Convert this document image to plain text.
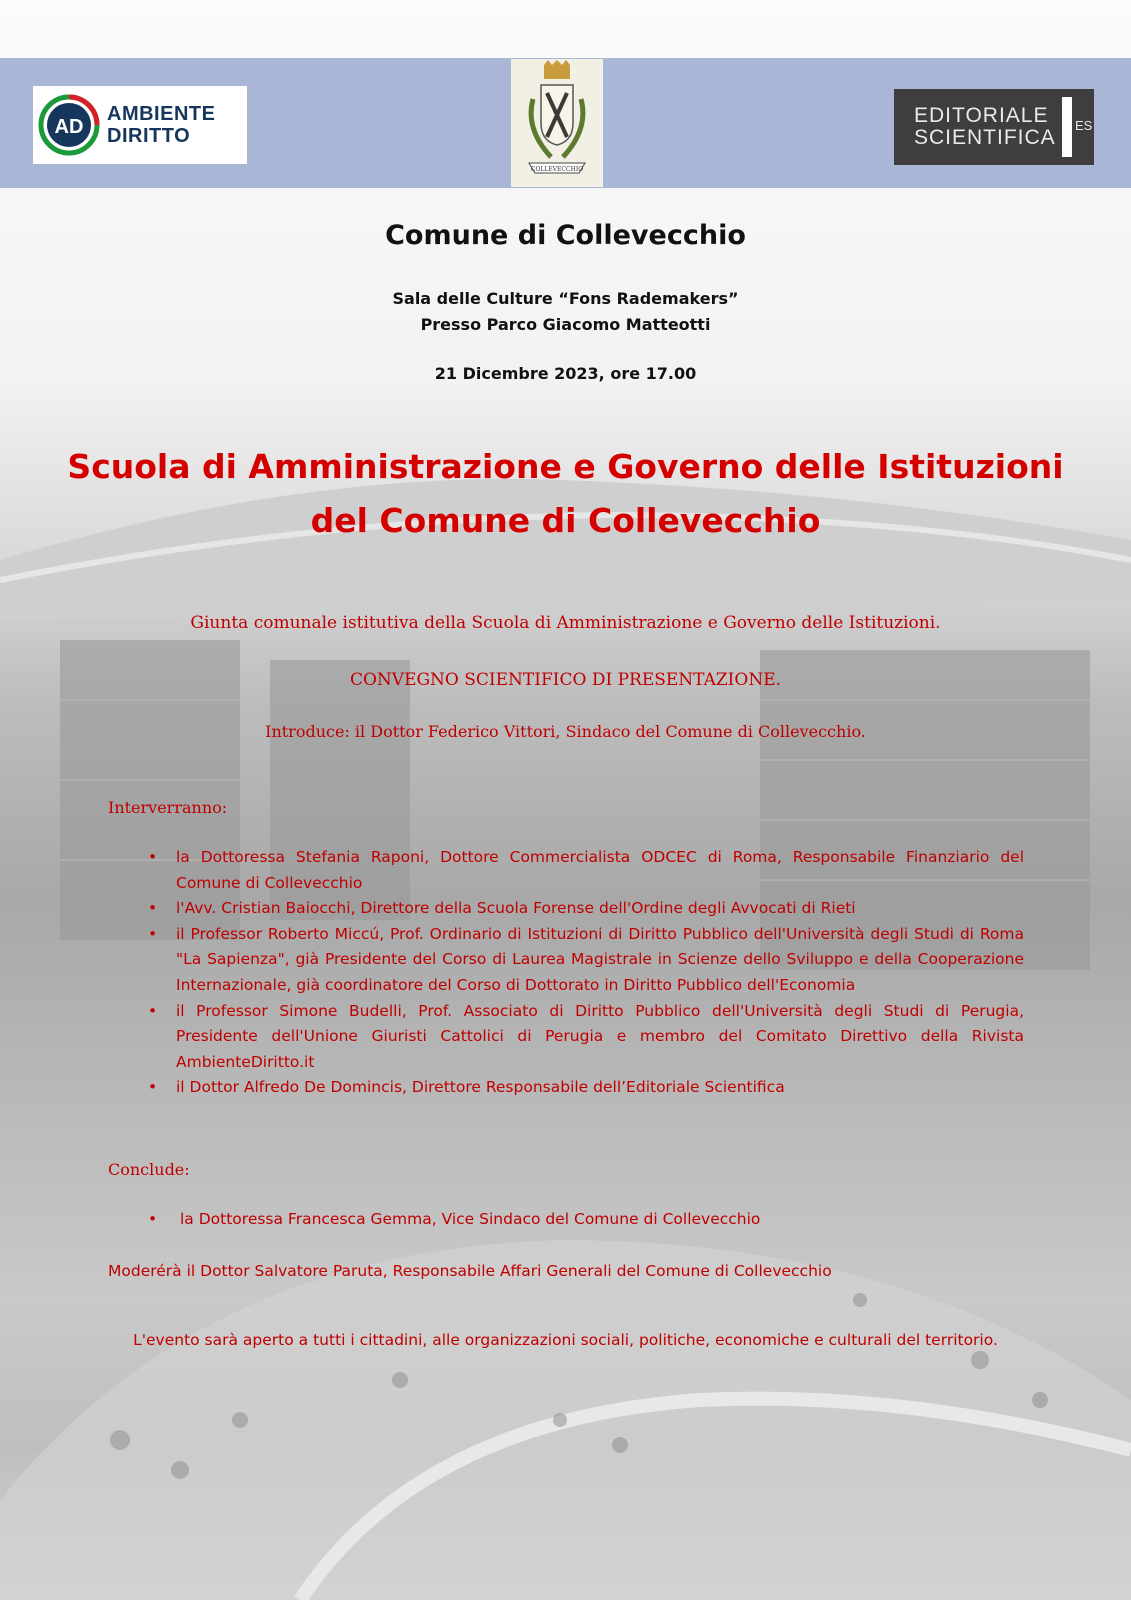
AD
AMBIENTE
DIRITTO
COLLEVECCHIO
EDITORIALE
SCIENTIFICA
ES
Comune di Collevecchio
Sala delle Culture “Fons Rademakers”
Presso Parco Giacomo Matteotti
21 Dicembre 2023, ore 17.00
Scuola di Amministrazione e Governo delle Istituzioni
del Comune di Collevecchio
Giunta comunale istitutiva della Scuola di Amministrazione e Governo delle Istituzioni.
CONVEGNO SCIENTIFICO DI PRESENTAZIONE.
Introduce: il Dottor Federico Vittori, Sindaco del Comune di Collevecchio.
Interverranno:
• la Dottoressa Stefania Raponi, Dottore Commercialista ODCEC di Roma, Responsabile Finanziario del Comune di Collevecchio
• l'Avv. Cristian Baiocchi, Direttore della Scuola Forense dell'Ordine degli Avvocati di Rieti
• il Professor Roberto Miccú, Prof. Ordinario di Istituzioni di Diritto Pubblico dell'Università degli Studi di Roma "La Sapienza", già Presidente del Corso di Laurea Magistrale in Scienze dello Sviluppo e della Cooperazione Internazionale, già coordinatore del Corso di Dottorato in Diritto Pubblico dell'Economia
• il Professor Simone Budelli, Prof. Associato di Diritto Pubblico dell'Università degli Studi di Perugia, Presidente dell'Unione Giuristi Cattolici di Perugia e membro del Comitato Direttivo della Rivista AmbienteDiritto.it
• il Dottor Alfredo De Domincis, Direttore Responsabile dell’Editoriale Scientifica
Conclude:
• la Dottoressa Francesca Gemma, Vice Sindaco del Comune di Collevecchio
Moderérà il Dottor Salvatore Paruta, Responsabile Affari Generali del Comune di Collevecchio
L'evento sarà aperto a tutti i cittadini, alle organizzazioni sociali, politiche, economiche e culturali del territorio.
